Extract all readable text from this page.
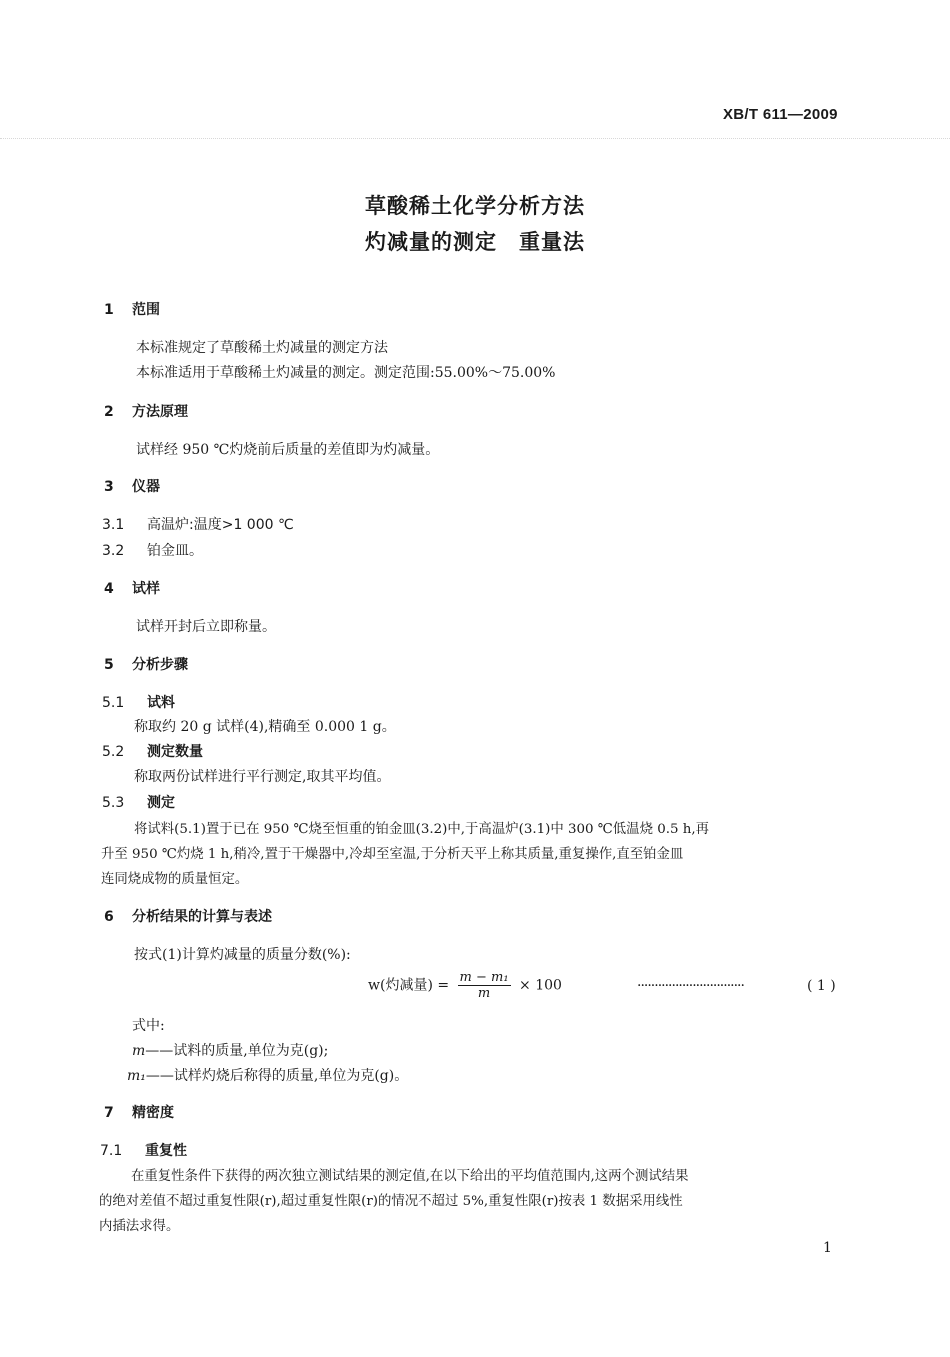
XB/T 611—2009
草酸稀土化学分析方法
灼减量的测定　重量法
1 范围
本标准规定了草酸稀土灼减量的测定方法
本标准适用于草酸稀土灼减量的测定。测定范围:55.00%～75.00%
2 方法原理
试样经 950 ℃灼烧前后质量的差值即为灼减量。
3 仪器
3.1 高温炉:温度>1 000 ℃
3.2 铂金皿。
4 试样
试样开封后立即称量。
5 分析步骤
5.1 试料
称取约 20 g 试样(4),精确至 0.000 1 g。
5.2 测定数量
称取两份试样进行平行测定,取其平均值。
5.3 测定
将试料(5.1)置于已在 950 ℃烧至恒重的铂金皿(3.2)中,于高温炉(3.1)中 300 ℃低温烧 0.5 h,再
升至 950 ℃灼烧 1 h,稍冷,置于干燥器中,冷却至室温,于分析天平上称其质量,重复操作,直至铂金皿
连同烧成物的质量恒定。
6 分析结果的计算与表述
按式(1)计算灼减量的质量分数(%):
w(灼减量) = $\frac{\text{m − m₁}}{m} \times 100$	·······························	( 1 )
式中:
m——试料的质量,单位为克(g);
m₁——试样灼烧后称得的质量,单位为克(g)。
7 精密度
7.1 重复性
在重复性条件下获得的两次独立测试结果的测定值,在以下给出的平均值范围内,这两个测试结果
的绝对差值不超过重复性限(r),超过重复性限(r)的情况不超过 5%,重复性限(r)按表 1 数据采用线性
内插法求得。
1
